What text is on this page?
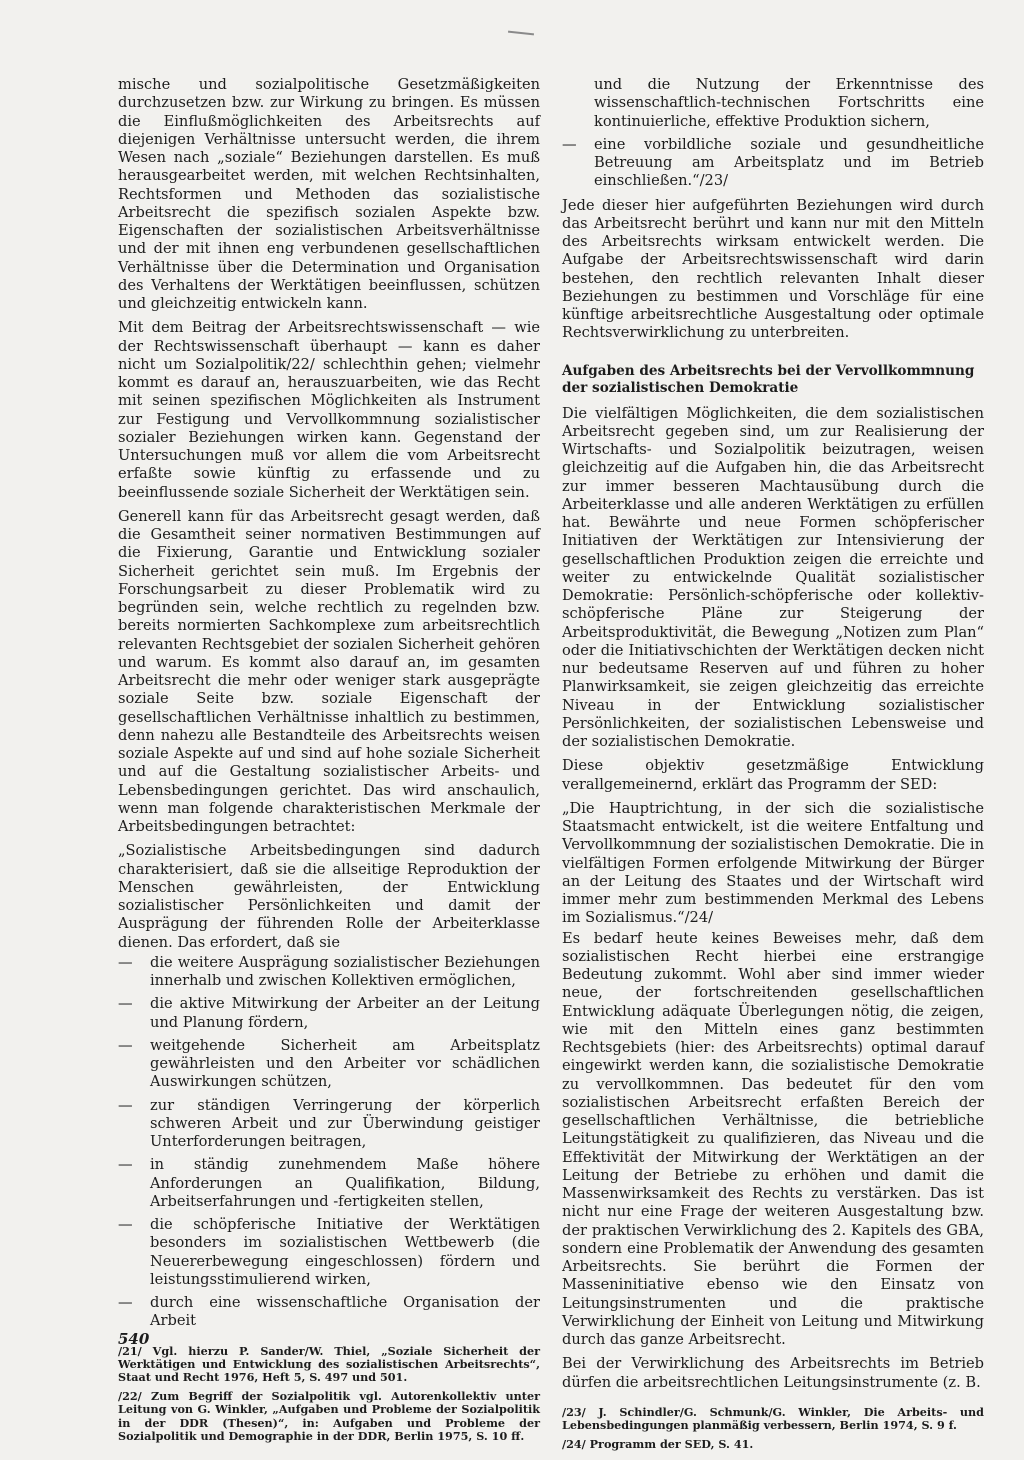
mische und sozialpolitische Gesetzmäßigkeiten durchzusetzen bzw. zur Wirkung zu bringen. Es müssen die Einflußmöglichkeiten des Arbeitsrechts auf diejenigen Verhältnisse untersucht werden, die ihrem Wesen nach „soziale“ Beziehungen darstellen. Es muß herausgearbeitet werden, mit welchen Rechtsinhalten, Rechtsformen und Methoden das sozialistische Arbeitsrecht die spezifisch sozialen Aspekte bzw. Eigenschaften der sozialistischen Arbeitsverhältnisse und der mit ihnen eng verbundenen gesellschaftlichen Verhältnisse über die Determination und Organisation des Verhaltens der Werktätigen beeinflussen, schützen und gleichzeitig entwickeln kann.

Mit dem Beitrag der Arbeitsrechtswissenschaft — wie der Rechtswissenschaft überhaupt — kann es daher nicht um Sozialpolitik/22/ schlechthin gehen; vielmehr kommt es darauf an, herauszuarbeiten, wie das Recht mit seinen spezifischen Möglichkeiten als Instrument zur Festigung und Vervollkommnung sozialistischer sozialer Beziehungen wirken kann. Gegenstand der Untersuchungen muß vor allem die vom Arbeitsrecht erfaßte sowie künftig zu erfassende und zu beeinflussende soziale Sicherheit der Werktätigen sein.

Generell kann für das Arbeitsrecht gesagt werden, daß die Gesamtheit seiner normativen Bestimmungen auf die Fixierung, Garantie und Entwicklung sozialer Sicherheit gerichtet sein muß. Im Ergebnis der Forschungsarbeit zu dieser Problematik wird zu begründen sein, welche rechtlich zu regelnden bzw. bereits normierten Sachkomplexe zum arbeitsrechtlich relevanten Rechtsgebiet der sozialen Sicherheit gehören und warum. Es kommt also darauf an, im gesamten Arbeitsrecht die mehr oder weniger stark ausgeprägte soziale Seite bzw. soziale Eigenschaft der gesellschaftlichen Verhältnisse inhaltlich zu bestimmen, denn nahezu alle Bestandteile des Arbeitsrechts weisen soziale Aspekte auf und sind auf hohe soziale Sicherheit und auf die Gestaltung sozialistischer Arbeits- und Lebensbedingungen gerichtet. Das wird anschaulich, wenn man folgende charakteristischen Merkmale der Arbeitsbedingungen betrachtet:

„Sozialistische Arbeitsbedingungen sind dadurch charakterisiert, daß sie die allseitige Reproduktion der Menschen gewährleisten, der Entwicklung sozialistischer Persönlichkeiten und damit der Ausprägung der führenden Rolle der Arbeiterklasse dienen. Das erfordert, daß sie

— die weitere Ausprägung sozialistischer Beziehungen innerhalb und zwischen Kollektiven ermöglichen,
— die aktive Mitwirkung der Arbeiter an der Leitung und Planung fördern,
— weitgehende Sicherheit am Arbeitsplatz gewährleisten und den Arbeiter vor schädlichen Auswirkungen schützen,
— zur ständigen Verringerung der körperlich schweren Arbeit und zur Überwindung geistiger Unterforderungen beitragen,
— in ständig zunehmendem Maße höhere Anforderungen an Qualifikation, Bildung, Arbeitserfahrungen und -fertigkeiten stellen,
— die schöpferische Initiative der Werktätigen besonders im sozialistischen Wettbewerb (die Neuererbewegung eingeschlossen) fördern und leistungsstimulierend wirken,
— durch eine wissenschaftliche Organisation der Arbeit

/21/ Vgl. hierzu P. Sander/W. Thiel, „Soziale Sicherheit der Werktätigen und Entwicklung des sozialistischen Arbeitsrechts“, Staat und Recht 1976, Heft 5, S. 497 und 501.

/22/ Zum Begriff der Sozialpolitik vgl. Autorenkollektiv unter Leitung von G. Winkler, „Aufgaben und Probleme der Sozialpolitik in der DDR (Thesen)“, in: Aufgaben und Probleme der Sozialpolitik und Demographie in der DDR, Berlin 1975, S. 10 ff.

und die Nutzung der Erkenntnisse des wissenschaftlich-technischen Fortschritts eine kontinuierliche, effektive Produktion sichern,

— eine vorbildliche soziale und gesundheitliche Betreuung am Arbeitsplatz und im Betrieb einschließen.“/23/

Jede dieser hier aufgeführten Beziehungen wird durch das Arbeitsrecht berührt und kann nur mit den Mitteln des Arbeitsrechts wirksam entwickelt werden. Die Aufgabe der Arbeitsrechtswissenschaft wird darin bestehen, den rechtlich relevanten Inhalt dieser Beziehungen zu bestimmen und Vorschläge für eine künftige arbeitsrechtliche Ausgestaltung oder optimale Rechtsverwirklichung zu unterbreiten.

Aufgaben des Arbeitsrechts bei der Vervollkommnung der sozialistischen Demokratie

Die vielfältigen Möglichkeiten, die dem sozialistischen Arbeitsrecht gegeben sind, um zur Realisierung der Wirtschafts- und Sozialpolitik beizutragen, weisen gleichzeitig auf die Aufgaben hin, die das Arbeitsrecht zur immer besseren Machtausübung durch die Arbeiterklasse und alle anderen Werktätigen zu erfüllen hat. Bewährte und neue Formen schöpferischer Initiativen der Werktätigen zur Intensivierung der gesellschaftlichen Produktion zeigen die erreichte und weiter zu entwickelnde Qualität sozialistischer Demokratie: Persönlich-schöpferische oder kollektiv-schöpferische Pläne zur Steigerung der Arbeitsproduktivität, die Bewegung „Notizen zum Plan“ oder die Initiativschichten der Werktätigen decken nicht nur bedeutsame Reserven auf und führen zu hoher Planwirksamkeit, sie zeigen gleichzeitig das erreichte Niveau in der Entwicklung sozialistischer Persönlichkeiten, der sozialistischen Lebensweise und der sozialistischen Demokratie.

Diese objektiv gesetzmäßige Entwicklung verallgemeinernd, erklärt das Programm der SED:

„Die Hauptrichtung, in der sich die sozialistische Staatsmacht entwickelt, ist die weitere Entfaltung und Vervollkommnung der sozialistischen Demokratie. Die in vielfältigen Formen erfolgende Mitwirkung der Bürger an der Leitung des Staates und der Wirtschaft wird immer mehr zum bestimmenden Merkmal des Lebens im Sozialismus.“/24/

Es bedarf heute keines Beweises mehr, daß dem sozialistischen Recht hierbei eine erstrangige Bedeutung zukommt. Wohl aber sind immer wieder neue, der fortschreitenden gesellschaftlichen Entwicklung adäquate Überlegungen nötig, die zeigen, wie mit den Mitteln eines ganz bestimmten Rechtsgebiets (hier: des Arbeitsrechts) optimal darauf eingewirkt werden kann, die sozialistische Demokratie zu vervollkommnen. Das bedeutet für den vom sozialistischen Arbeitsrecht erfaßten Bereich der gesellschaftlichen Verhältnisse, die betriebliche Leitungstätigkeit zu qualifizieren, das Niveau und die Effektivität der Mitwirkung der Werktätigen an der Leitung der Betriebe zu erhöhen und damit die Massenwirksamkeit des Rechts zu verstärken. Das ist nicht nur eine Frage der weiteren Ausgestaltung bzw. der praktischen Verwirklichung des 2. Kapitels des GBA, sondern eine Problematik der Anwendung des gesamten Arbeitsrechts. Sie berührt die Formen der Masseninitiative ebenso wie den Einsatz von Leitungsinstrumenten und die praktische Verwirklichung der Einheit von Leitung und Mitwirkung durch das ganze Arbeitsrecht.

Bei der Verwirklichung des Arbeitsrechts im Betrieb dürfen die arbeitsrechtlichen Leitungsinstrumente (z. B.

/23/ J. Schindler/G. Schmunk/G. Winkler, Die Arbeits- und Lebensbedingungen planmäßig verbessern, Berlin 1974, S. 9 f.

/24/ Programm der SED, S. 41.

540
